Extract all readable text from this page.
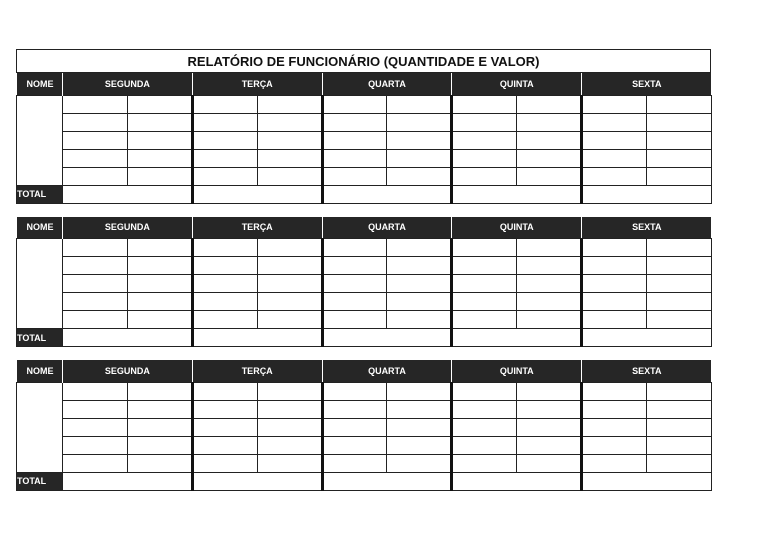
RELATÓRIO DE FUNCIONÁRIO (QUANTIDADE E VALOR)
NOME	SEGUNDA		TERÇA		QUARTA		QUINTA		SEXTA	

TOTAL										
NOME	SEGUNDA		TERÇA		QUARTA		QUINTA		SEXTA	

TOTAL										
NOME	SEGUNDA		TERÇA		QUARTA		QUINTA		SEXTA	

TOTAL										
